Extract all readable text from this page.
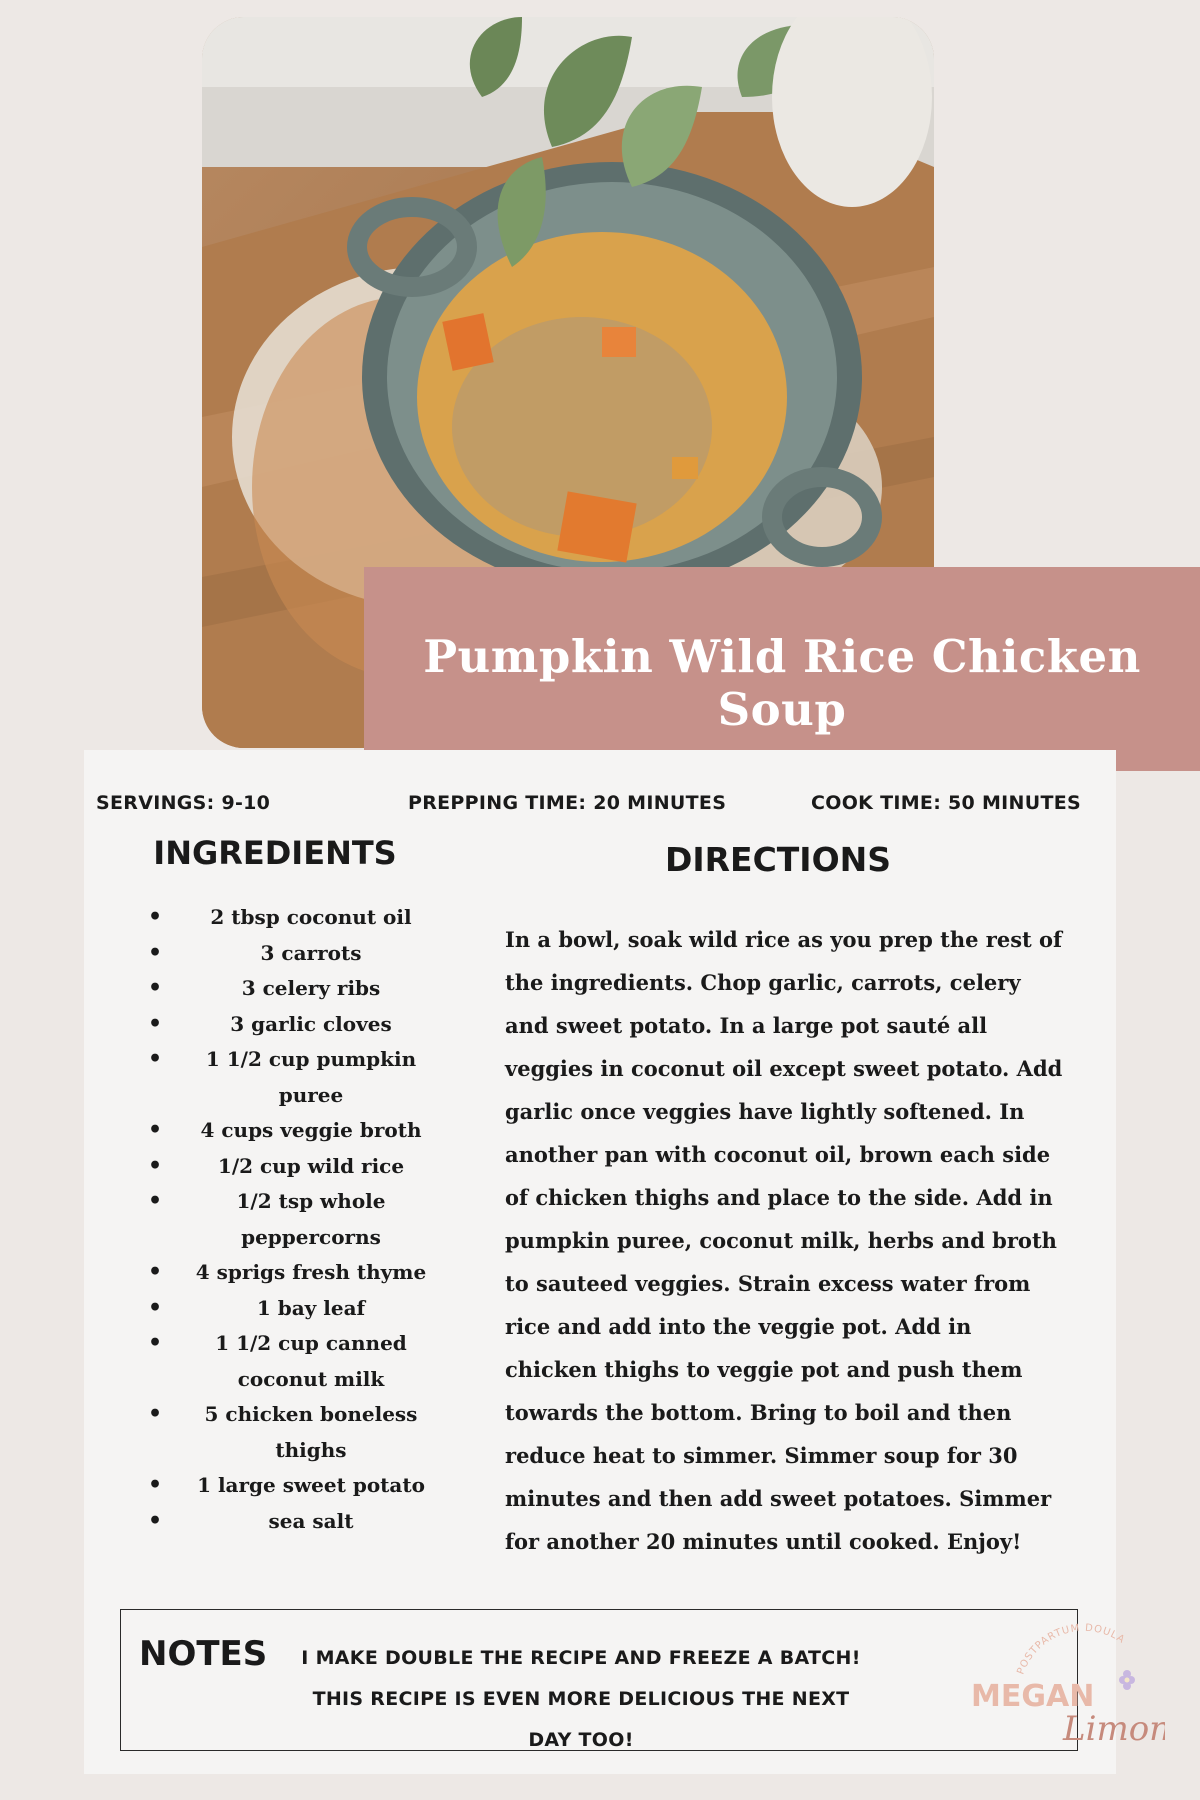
Pumpkin Wild Rice Chicken Soup
SERVINGS: 9-10	PREPPING TIME: 20 MINUTES	COOK TIME: 50 MINUTES
INGREDIENTS	DIRECTIONS
• 2 tbsp coconut oil
• 3 carrots
• 3 celery ribs
• 3 garlic cloves
• 1 1/2 cup pumpkin puree
• 4 cups veggie broth
• 1/2 cup wild rice
• 1/2 tsp whole peppercorns
• 4 sprigs fresh thyme
• 1 bay leaf
• 1 1/2 cup canned coconut milk
• 5 chicken boneless thighs
• 1 large sweet potato
• sea salt
In a bowl, soak wild rice as you prep the rest of the ingredients. Chop garlic, carrots, celery and sweet potato. In a large pot sauté all veggies in coconut oil except sweet potato. Add garlic once veggies have lightly softened. In another pan with coconut oil, brown each side of chicken thighs and place to the side. Add in pumpkin puree, coconut milk, herbs and broth to sauteed veggies. Strain excess water from rice and add into the veggie pot. Add in chicken thighs to veggie pot and push them towards the bottom. Bring to boil and then reduce heat to simmer. Simmer soup for 30 minutes and then add sweet potatoes. Simmer for another 20 minutes until cooked. Enjoy!
NOTES I MAKE DOUBLE THE RECIPE AND FREEZE A BATCH! THIS RECIPE IS EVEN MORE DELICIOUS THE NEXT DAY TOO!
POSTPARTUM DOULA
MEGAN
Limon
